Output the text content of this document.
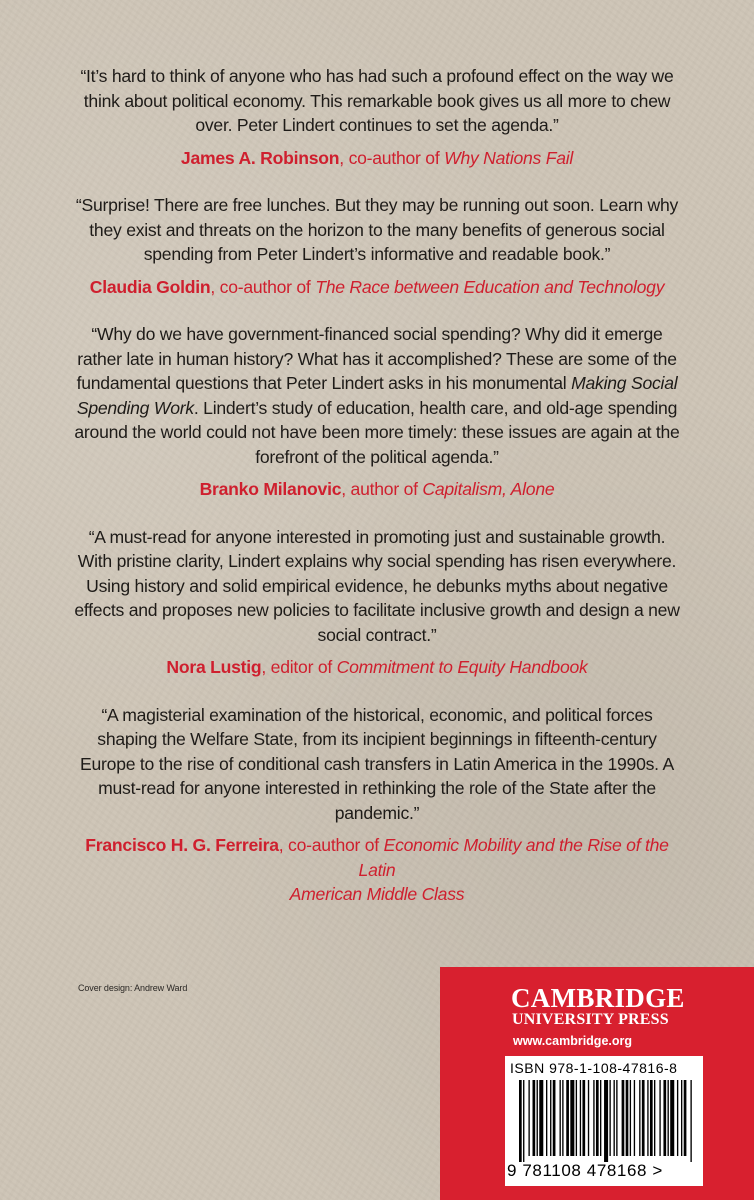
“It’s hard to think of anyone who has had such a profound effect on the way we think about political economy. This remarkable book gives us all more to chew over. Peter Lindert continues to set the agenda.”

James A. Robinson, co-author of Why Nations Fail

“Surprise! There are free lunches. But they may be running out soon. Learn why they exist and threats on the horizon to the many benefits of generous social spending from Peter Lindert’s informative and readable book.”

Claudia Goldin, co-author of The Race between Education and Technology

“Why do we have government-financed social spending? Why did it emerge rather late in human history? What has it accomplished? These are some of the fundamental questions that Peter Lindert asks in his monumental Making Social Spending Work. Lindert’s study of education, health care, and old-age spending around the world could not have been more timely: these issues are again at the forefront of the political agenda.”

Branko Milanovic, author of Capitalism, Alone

“A must-read for anyone interested in promoting just and sustainable growth. With pristine clarity, Lindert explains why social spending has risen everywhere. Using history and solid empirical evidence, he debunks myths about negative effects and proposes new policies to facilitate inclusive growth and design a new social contract.”

Nora Lustig, editor of Commitment to Equity Handbook

“A magisterial examination of the historical, economic, and political forces shaping the Welfare State, from its incipient beginnings in fifteenth-century Europe to the rise of conditional cash transfers in Latin America in the 1990s. A must-read for anyone interested in rethinking the role of the State after the pandemic.”

Francisco H. G. Ferreira, co-author of Economic Mobility and the Rise of the Latin
American Middle Class

Cover design: Andrew Ward	CAMBRIDGE
UNIVERSITY PRESS
www.cambridge.org
ISBN 978-1-108-47816-8
9 781108 478168 >
